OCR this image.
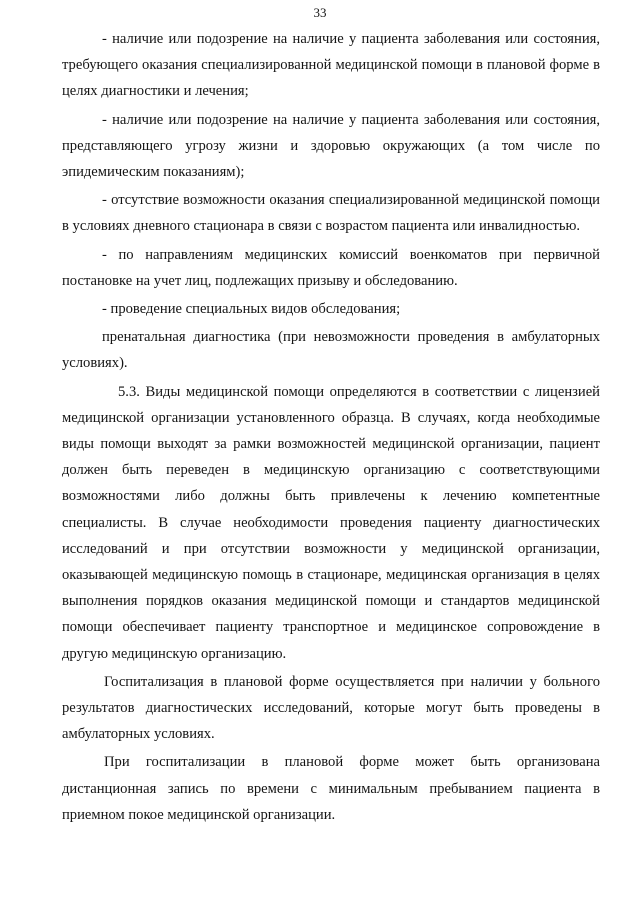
33

- наличие или подозрение на наличие у пациента заболевания или состояния, требующего оказания специализированной медицинской помощи в плановой форме в целях диагностики и лечения;

- наличие или подозрение на наличие у пациента заболевания или состояния, представляющего угрозу жизни и здоровью окружающих (а том числе по эпидемическим показаниям);

- отсутствие возможности оказания специализированной медицинской помощи в условиях дневного стационара в связи с возрастом пациента или инвалидностью.

- по направлениям медицинских комиссий военкоматов при первичной постановке на учет лиц, подлежащих призыву и обследованию.

- проведение специальных видов обследования;

пренатальная диагностика (при невозможности проведения в амбулаторных условиях).

5.3. Виды медицинской помощи определяются в соответствии с лицензией медицинской организации установленного образца. В случаях, когда необходимые виды помощи выходят за рамки возможностей медицинской организации, пациент должен быть переведен в медицинскую организацию с соответствующими возможностями либо должны быть привлечены к лечению компетентные специалисты. В случае необходимости проведения пациенту диагностических исследований и при отсутствии возможности у медицинской организации, оказывающей медицинскую помощь в стационаре, медицинская организация в целях выполнения порядков оказания медицинской помощи и стандартов медицинской помощи обеспечивает пациенту транспортное и медицинское сопровождение в другую медицинскую организацию.

Госпитализация в плановой форме осуществляется при наличии у больного результатов диагностических исследований, которые могут быть проведены в амбулаторных условиях.

При госпитализации в плановой форме может быть организована дистанционная запись по времени с минимальным пребыванием пациента в приемном покое медицинской организации.
